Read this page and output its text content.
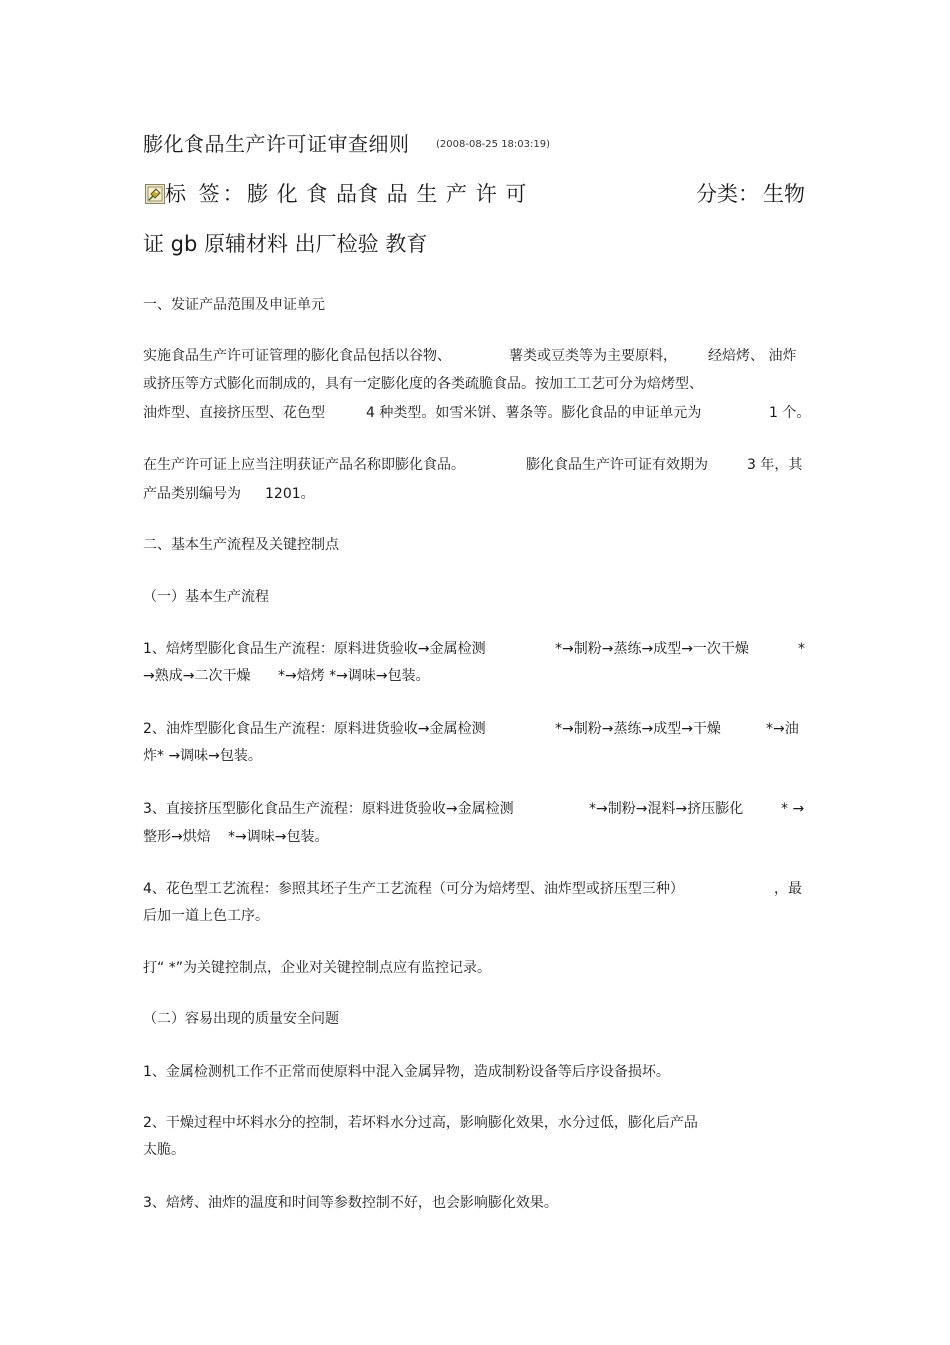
膨化食品生产许可证审查细则	(2008-08-25 18:03:19)
标 签： 膨 化 食 品
食 品 生 产 许 可	分类： 生物
证 gb 原辅材料 出厂检验 教育
一、发证产品范围及申证单元
实施食品生产许可证管理的膨化食品包括以谷物、	薯类或豆类等为主要原料， 经焙烤、 油炸
或挤压等方式膨化而制成的，具有一定膨化度的各类疏脆食品。按加工工艺可分为焙烤型、
油炸型、直接挤压型、花色型	4 种类型。如雪米饼、薯条等。膨化食品的申证单元为	1 个。
在生产许可证上应当注明获证产品名称即膨化食品。	膨化食品生产许可证有效期为	3 年，其
产品类别编号为 1201。
二、基本生产流程及关键控制点
（一）基本生产流程
1、焙烤型膨化食品生产流程：原料进货验收→金属检测	*→制粉→蒸练→成型→一次干燥	*
→熟成→二次干燥 *→焙烤 *→调味→包装。
2、油炸型膨化食品生产流程：原料进货验收→金属检测	*→制粉→蒸练→成型→干燥	*→油
炸* →调味→包装。
3、直接挤压型膨化食品生产流程：原料进货验收→金属检测	*→制粉→混料→挤压膨化	* →
整形→烘焙 *→调味→包装。
4、花色型工艺流程：参照其坯子生产工艺流程（可分为焙烤型、油炸型或挤压型三种）	，最
后加一道上色工序。
打“ *”为关键控制点，企业对关键控制点应有监控记录。
（二）容易出现的质量安全问题
1、金属检测机工作不正常而使原料中混入金属异物，造成制粉设备等后序设备损坏。
2、干燥过程中坏料水分的控制，若坏料水分过高，影响膨化效果，水分过低，膨化后产品
太脆。
3、焙烤、油炸的温度和时间等参数控制不好，也会影响膨化效果。
